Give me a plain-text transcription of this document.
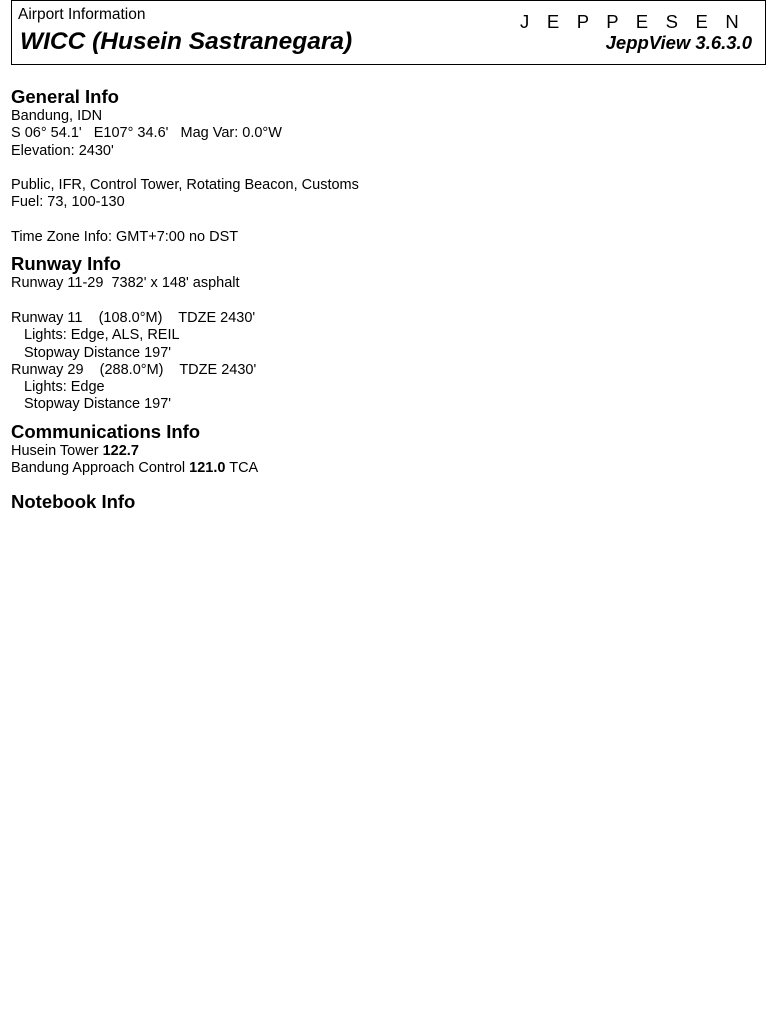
Airport Information
WICC (Husein Sastranegara)
J E P P E S E N
JeppView 3.6.3.0
General Info
Bandung, IDN
S 06° 54.1'   E107° 34.6'   Mag Var: 0.0°W
Elevation: 2430'
Public, IFR, Control Tower, Rotating Beacon, Customs
Fuel: 73, 100-130
Time Zone Info: GMT+7:00 no DST
Runway Info
Runway 11-29  7382' x 148' asphalt
Runway 11    (108.0°M)    TDZE 2430'
Lights: Edge, ALS, REIL
Stopway Distance 197'
Runway 29    (288.0°M)    TDZE 2430'
Lights: Edge
Stopway Distance 197'
Communications Info
Husein Tower 122.7
Bandung Approach Control 121.0 TCA
Notebook Info
